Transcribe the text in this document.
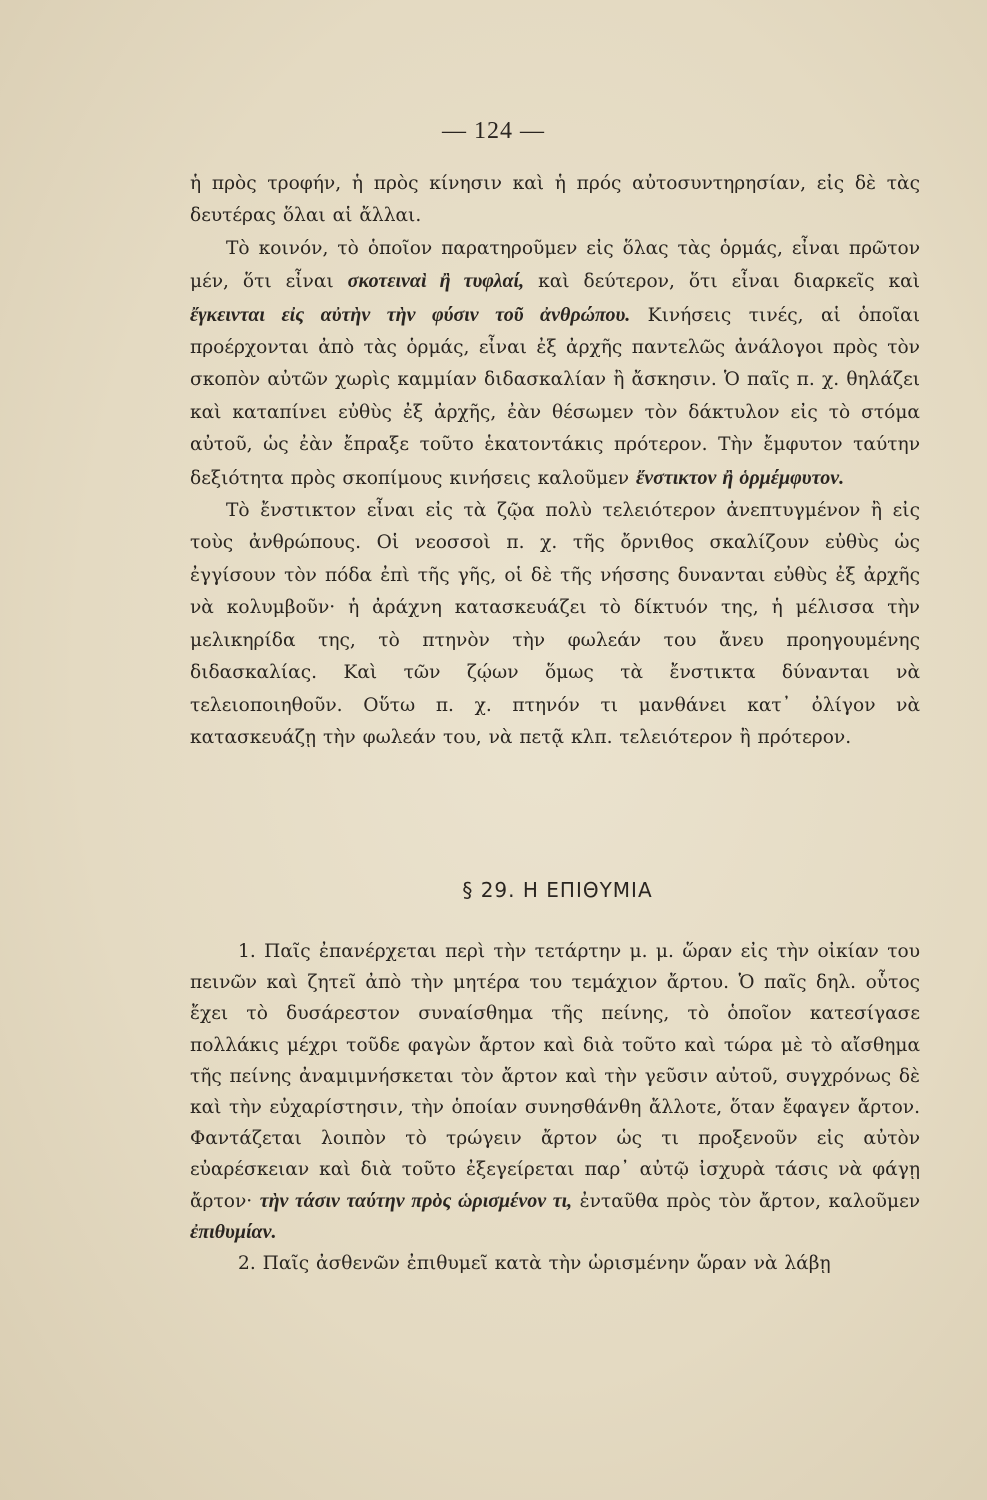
— 124 —

ἡ πρὸς τροφήν, ἡ πρὸς κίνησιν καὶ ἡ πρός αὐτοσυντηρησίαν, εἰς δὲ τὰς δευτέρας ὅλαι αἱ ἄλλαι.

Τὸ κοινόν, τὸ ὁποῖον παρατηροῦμεν εἰς ὅλας τὰς ὁρμάς, εἶναι πρῶτον μέν, ὅτι εἶναι σκοτειναὶ ἢ τυφλαί, καὶ δεύτερον, ὅτι εἶναι διαρκεῖς καὶ ἔγκεινται εἰς αὐτὴν τὴν φύσιν τοῦ ἀνθρώπου. Κινήσεις τινές, αἱ ὁποῖαι προέρχονται ἀπὸ τὰς ὁρμάς, εἶναι ἐξ ἀρχῆς παντελῶς ἀνάλογοι πρὸς τὸν σκοπὸν αὐτῶν χωρὶς καμμίαν διδασκαλίαν ἢ ἄσκησιν. Ὁ παῖς π. χ. θηλάζει καὶ καταπίνει εὐθὺς ἐξ ἀρχῆς, ἐὰν θέσωμεν τὸν δάκτυλον εἰς τὸ στόμα αὐτοῦ, ὡς ἐὰν ἔπραξε τοῦτο ἑκατοντάκις πρότερον. Τὴν ἔμφυτον ταύτην δεξιότητα πρὸς σκοπίμους κινήσεις καλοῦμεν ἔνστικτον ἢ ὁρμέμφυτον.

Τὸ ἔνστικτον εἶναι εἰς τὰ ζῷα πολὺ τελειότερον ἀνεπτυγμένον ἢ εἰς τοὺς ἀνθρώπους. Οἱ νεοσσοὶ π. χ. τῆς ὄρνιθος σκαλίζουν εὐθὺς ὡς ἐγγίσουν τὸν πόδα ἐπὶ τῆς γῆς, οἱ δὲ τῆς νήσσης δυνανται εὐθὺς ἐξ ἀρχῆς νὰ κολυμβοῦν· ἡ ἀράχνη κατασκευάζει τὸ δίκτυόν της, ἡ μέλισσα τὴν μελικηρίδα της, τὸ πτηνὸν τὴν φωλεάν του ἄνευ προηγουμένης διδασκαλίας. Καὶ τῶν ζῴων ὅμως τὰ ἔνστικτα δύνανται νὰ τελειοποιηθοῦν. Οὕτω π. χ. πτηνόν τι μανθάνει κατ᾽ ὀλίγον νὰ κατασκευάζῃ τὴν φωλεάν του, νὰ πετᾷ κλπ. τελειότερον ἢ πρότερον.

§ 29. Η ΕΠΙΘΥΜΙΑ

1. Παῖς ἐπανέρχεται περὶ τὴν τετάρτην μ. μ. ὥραν εἰς τὴν οἰκίαν του πεινῶν καὶ ζητεῖ ἀπὸ τὴν μητέρα του τεμάχιον ἄρτου. Ὁ παῖς δηλ. οὗτος ἔχει τὸ δυσάρεστον συναίσθημα τῆς πείνης, τὸ ὁποῖον κατεσίγασε πολλάκις μέχρι τοῦδε φαγὼν ἄρτον καὶ διὰ τοῦτο καὶ τώρα μὲ τὸ αἴσθημα τῆς πείνης ἀναμιμνήσκεται τὸν ἄρτον καὶ τὴν γεῦσιν αὐτοῦ, συγχρόνως δὲ καὶ τὴν εὐχαρίστησιν, τὴν ὁποίαν συνησθάνθη ἄλλοτε, ὅταν ἔφαγεν ἄρτον. Φαντάζεται λοιπὸν τὸ τρώγειν ἄρτον ὡς τι προξενοῦν εἰς αὐτὸν εὐαρέσκειαν καὶ διὰ τοῦτο ἐξεγείρεται παρ᾽ αὐτῷ ἰσχυρὰ τάσις νὰ φάγῃ ἄρτον· τὴν τάσιν ταύτην πρὸς ὡρισμένον τι, ἐνταῦθα πρὸς τὸν ἄρτον, καλοῦμεν ἐπιθυμίαν.

2. Παῖς ἀσθενῶν ἐπιθυμεῖ κατὰ τὴν ὡρισμένην ὥραν νὰ λάβῃ
